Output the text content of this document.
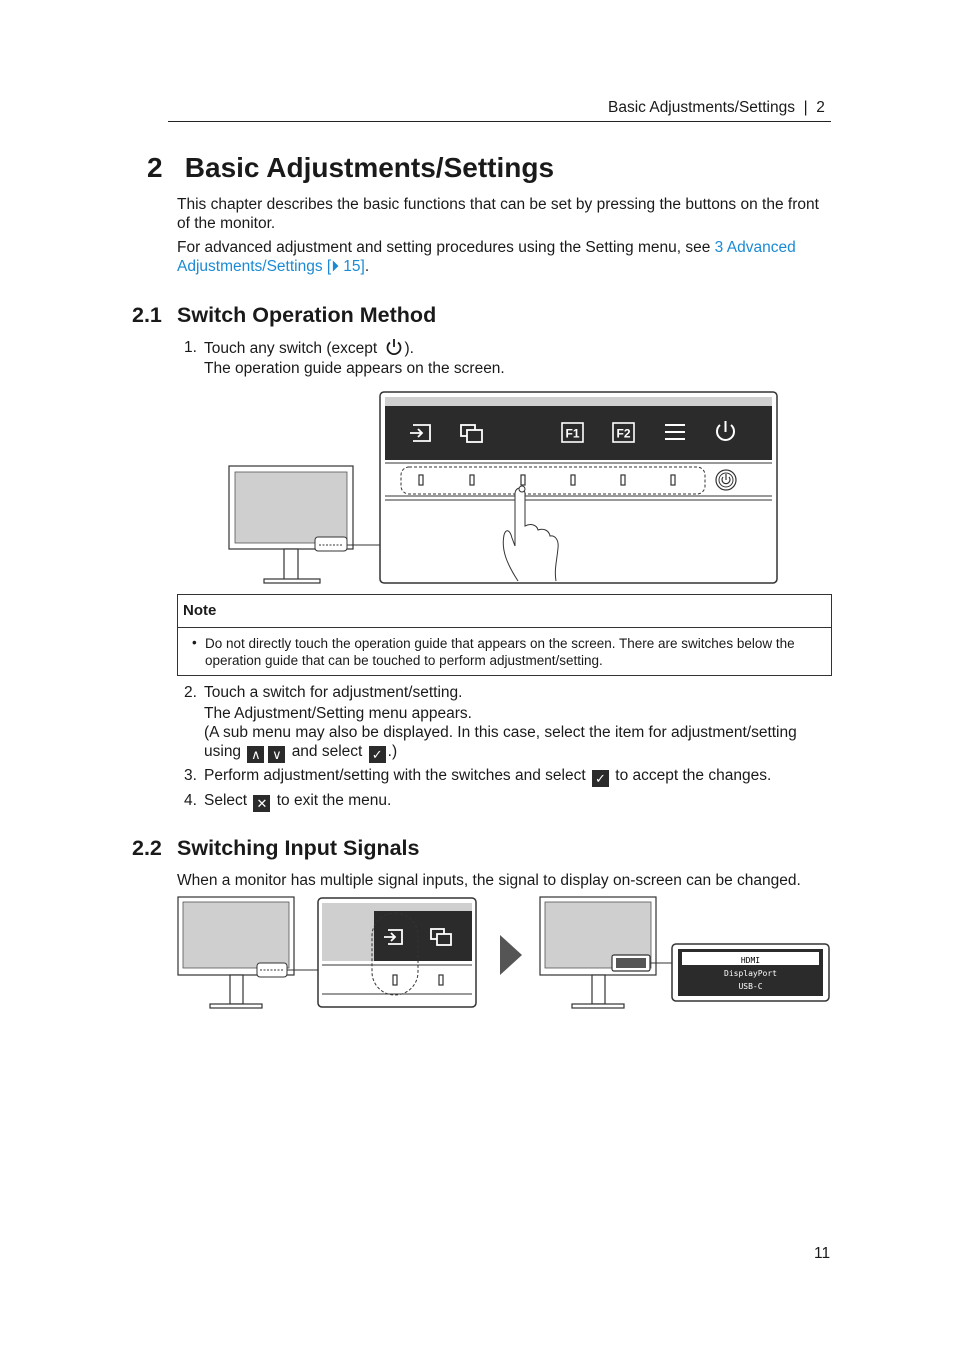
Basic Adjustments/Settings  |  2
2 Basic Adjustments/Settings

This chapter describes the basic functions that can be set by pressing the buttons on the front of the monitor.

For advanced adjustment and setting procedures using the Setting menu, see 3 Advanced Adjustments/Settings [⏵ 15].

2.1 Switch Operation Method
1. Touch any switch (except ).
The operation guide appears on the screen.
F1	F2
Note
• Do not directly touch the operation guide that appears on the screen. There are switches below the operation guide that can be touched to perform adjustment/setting.
2. Touch a switch for adjustment/setting.
The Adjustment/Setting menu appears.
(A sub menu may also be displayed. In this case, select the item for adjustment/setting
using ∧ ∨ and select ✓ .)
3. Perform adjustment/setting with the switches and select ✓ to accept the changes.
4. Select ✕ to exit the menu.
2.2 Switching Input Signals

When a monitor has multiple signal inputs, the signal to display on-screen can be changed.

HDMI
DisplayPort
USB-C
11
